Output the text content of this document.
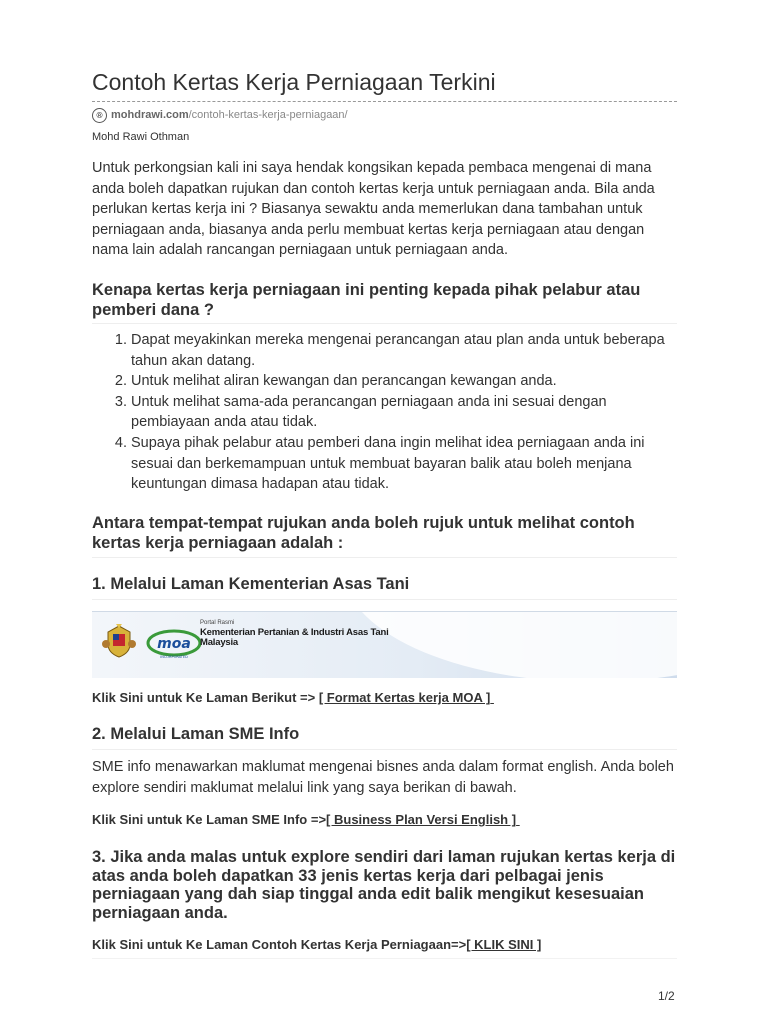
Contoh Kertas Kerja Perniagaan Terkini
® mohdrawi.com /contoh-kertas-kerja-perniagaan/
Mohd Rawi Othman

Untuk perkongsian kali ini saya hendak kongsikan kepada pembaca mengenai di mana anda boleh dapatkan rujukan dan contoh kertas kerja untuk perniagaan anda. Bila anda perlukan kertas kerja ini ? Biasanya sewaktu anda memerlukan dana tambahan untuk perniagaan anda, biasanya anda perlu membuat kertas kerja perniagaan atau dengan nama lain adalah rancangan perniagaan untuk perniagaan anda.

Kenapa kertas kerja perniagaan ini penting kepada pihak pelabur atau pemberi dana ?
1. Dapat meyakinkan mereka mengenai perancangan atau plan anda untuk beberapa tahun akan datang.
2. Untuk melihat aliran kewangan dan perancangan kewangan anda.
3. Untuk melihat sama-ada perancangan perniagaan anda ini sesuai dengan pembiayaan anda atau tidak.
4. Supaya pihak pelabur atau pemberi dana ingin melihat idea perniagaan anda ini sesuai dan berkemampuan untuk membuat bayaran balik atau boleh menjana keuntungan dimasa hadapan atau tidak.
Antara tempat-tempat rujukan anda boleh rujuk untuk melihat contoh kertas kerja perniagaan adalah :
1. Melalui Laman Kementerian Asas Tani
moa
INCORPORATED
Portal Rasmi
Kementerian Pertanian & Industri Asas Tani
Malaysia
Klik Sini untuk Ke Laman Berikut => [ Format Kertas kerja MOA ]
2. Melalui Laman SME Info

SME info menawarkan maklumat mengenai bisnes anda dalam format english. Anda boleh explore sendiri maklumat melalui link yang saya berikan di bawah.

Klik Sini untuk Ke Laman SME Info =>[ Business Plan Versi English ]
3. Jika anda malas untuk explore sendiri dari laman rujukan kertas kerja di atas anda boleh dapatkan 33 jenis kertas kerja dari pelbagai jenis perniagaan yang dah siap tinggal anda edit balik mengikut kesesuaian perniagaan anda.
Klik Sini untuk Ke Laman Contoh Kertas Kerja Perniagaan=>[ KLIK SINI ]
1/2
